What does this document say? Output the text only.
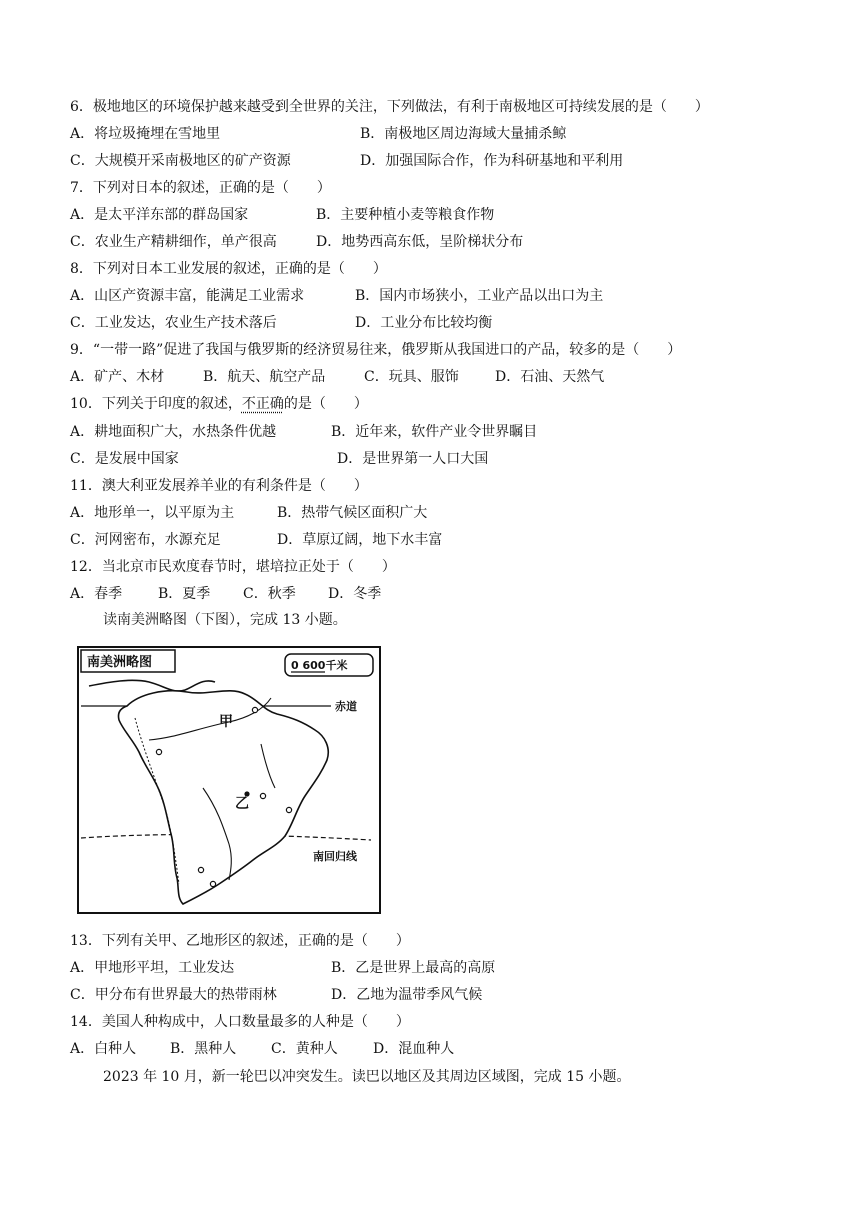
6．极地地区的环境保护越来越受到全世界的关注，下列做法，有利于南极地区可持续发展的是（　　）
A．将垃圾掩埋在雪地里	B．南极地区周边海域大量捕杀鲸
C．大规模开采南极地区的矿产资源	D．加强国际合作，作为科研基地和平利用
7．下列对日本的叙述，正确的是（　　）
A．是太平洋东部的群岛国家	B．主要种植小麦等粮食作物
C．农业生产精耕细作，单产很高	D．地势西高东低，呈阶梯状分布
8．下列对日本工业发展的叙述，正确的是（　　）
A．山区产资源丰富，能满足工业需求	B．国内市场狭小，工业产品以出口为主
C．工业发达，农业生产技术落后	D．工业分布比较均衡
9．“一带一路”促进了我国与俄罗斯的经济贸易往来，俄罗斯从我国进口的产品，较多的是（　　）
A．矿产、木材	B．航天、航空产品	C．玩具、服饰	D．石油、天然气
10．下列关于印度的叙述，不正确的是（　　）
A．耕地面积广大，水热条件优越	B．近年来，软件产业令世界瞩目
C．是发展中国家	D．是世界第一人口大国
11．澳大利亚发展养羊业的有利条件是（　　）
A．地形单一，以平原为主	B．热带气候区面积广大
C．河网密布，水源充足	D．草原辽阔，地下水丰富
12．当北京市民欢度春节时，堪培拉正处于（　　）
A．春季	B．夏季 C．秋季 D．冬季
读南美洲略图（下图），完成 13 小题。
南美洲略图	0 600千米
赤道
南回归线
甲
乙
13．下列有关甲、乙地形区的叙述，正确的是（　　）
A．甲地形平坦，工业发达	B．乙是世界上最高的高原
C．甲分布有世界最大的热带雨林	D．乙地为温带季风气候
14．美国人种构成中，人口数量最多的人种是（　　）
A．白种人 B．黑种人 C．黄种人	D．混血种人
2023 年 10 月，新一轮巴以冲突发生。读巴以地区及其周边区域图，完成 15 小题。
